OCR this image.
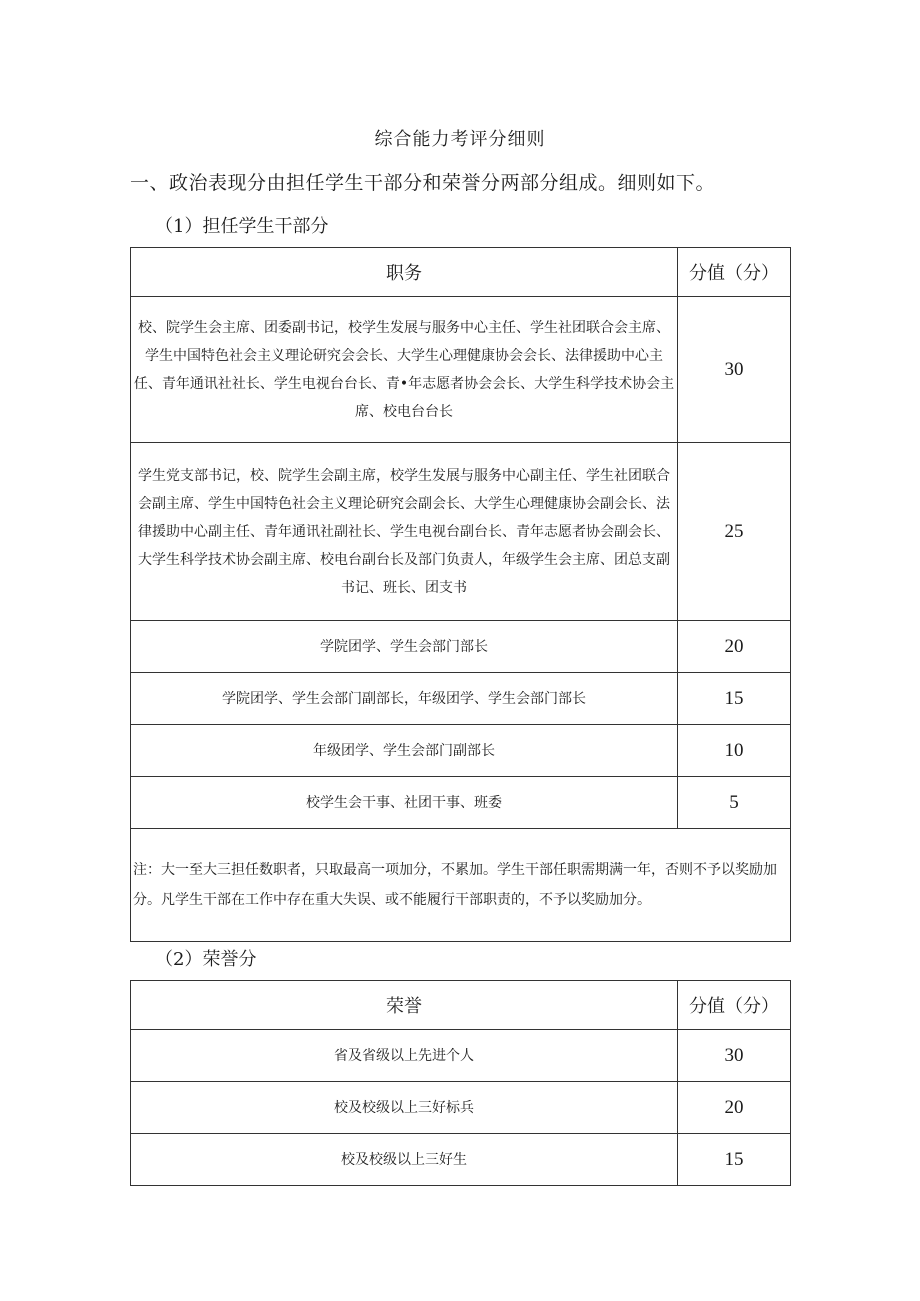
综合能力考评分细则
一、政治表现分由担任学生干部分和荣誉分两部分组成。细则如下。
（1）担任学生干部分
职务	分值（分）
校、院学生会主席、团委副书记，校学生发展与服务中心主任、学生社团联合会主席、学生中国特色社会主义理论研究会会长、大学生心理健康协会会长、法律援助中心主任、青年通讯社社长、学生电视台台长、青•年志愿者协会会长、大学生科学技术协会主席、校电台台长	30
学生党支部书记，校、院学生会副主席，校学生发展与服务中心副主任、学生社团联合会副主席、学生中国特色社会主义理论研究会副会长、大学生心理健康协会副会长、法律援助中心副主任、青年通讯社副社长、学生电视台副台长、青年志愿者协会副会长、大学生科学技术协会副主席、校电台副台长及部门负责人，年级学生会主席、团总支副书记、班长、团支书	25
学院团学、学生会部门部长	20
学院团学、学生会部门副部长，年级团学、学生会部门部长	15
年级团学、学生会部门副部长	10
校学生会干事、社团干事、班委	5
注：大一至大三担任数职者，只取最高一项加分，不累加。学生干部任职需期满一年，否则不予以奖励加分。凡学生干部在工作中存在重大失误、或不能履行干部职责的，不予以奖励加分。	
（2）荣誉分
荣誉	分值（分）
省及省级以上先进个人	30
校及校级以上三好标兵	20
校及校级以上三好生	15
